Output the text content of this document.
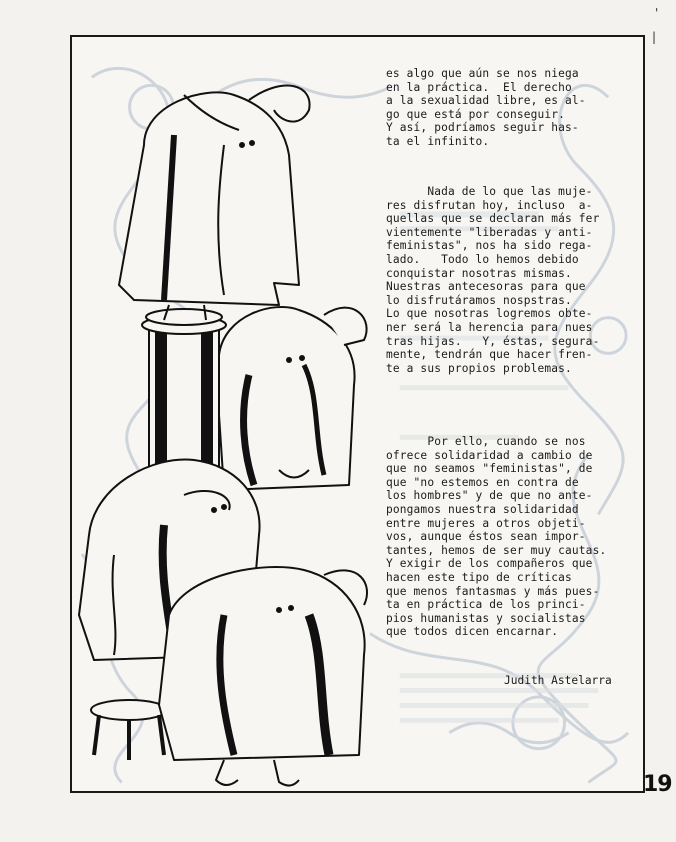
es algo que aún se nos niega
en la práctica.  El derecho
a la sexualidad libre, es al-
go que está por conseguir.
Y así, podríamos seguir has-
ta el infinito.
Nada de lo que las muje-
res disfrutan hoy, incluso  a-
quellas que se declaran más fer
vientemente "liberadas y anti-
feministas", nos ha sido rega-
lado.   Todo lo hemos debido
conquistar nosotras mismas.
Nuestras antecesoras para que
lo disfrutáramos nospstras.
Lo que nosotras logremos obte-
ner será la herencia para nues
tras hijas.   Y, éstas, segura-
mente, tendrán que hacer fren-
te a sus propios problemas.
Por ello, cuando se nos
ofrece solidaridad a cambio de
que no seamos "feministas", de
que "no estemos en contra de
los hombres" y de que no ante-
pongamos nuestra solidaridad
entre mujeres a otros objeti-
vos, aunque éstos sean impor-
tantes, hemos de ser muy cautas.
Y exigir de los compañeros que
hacen este tipo de críticas
que menos fantasmas y más pues-
ta en práctica de los princi-
pios humanistas y socialistas
que todos dicen encarnar.
Judith Astelarra
19
'
|
